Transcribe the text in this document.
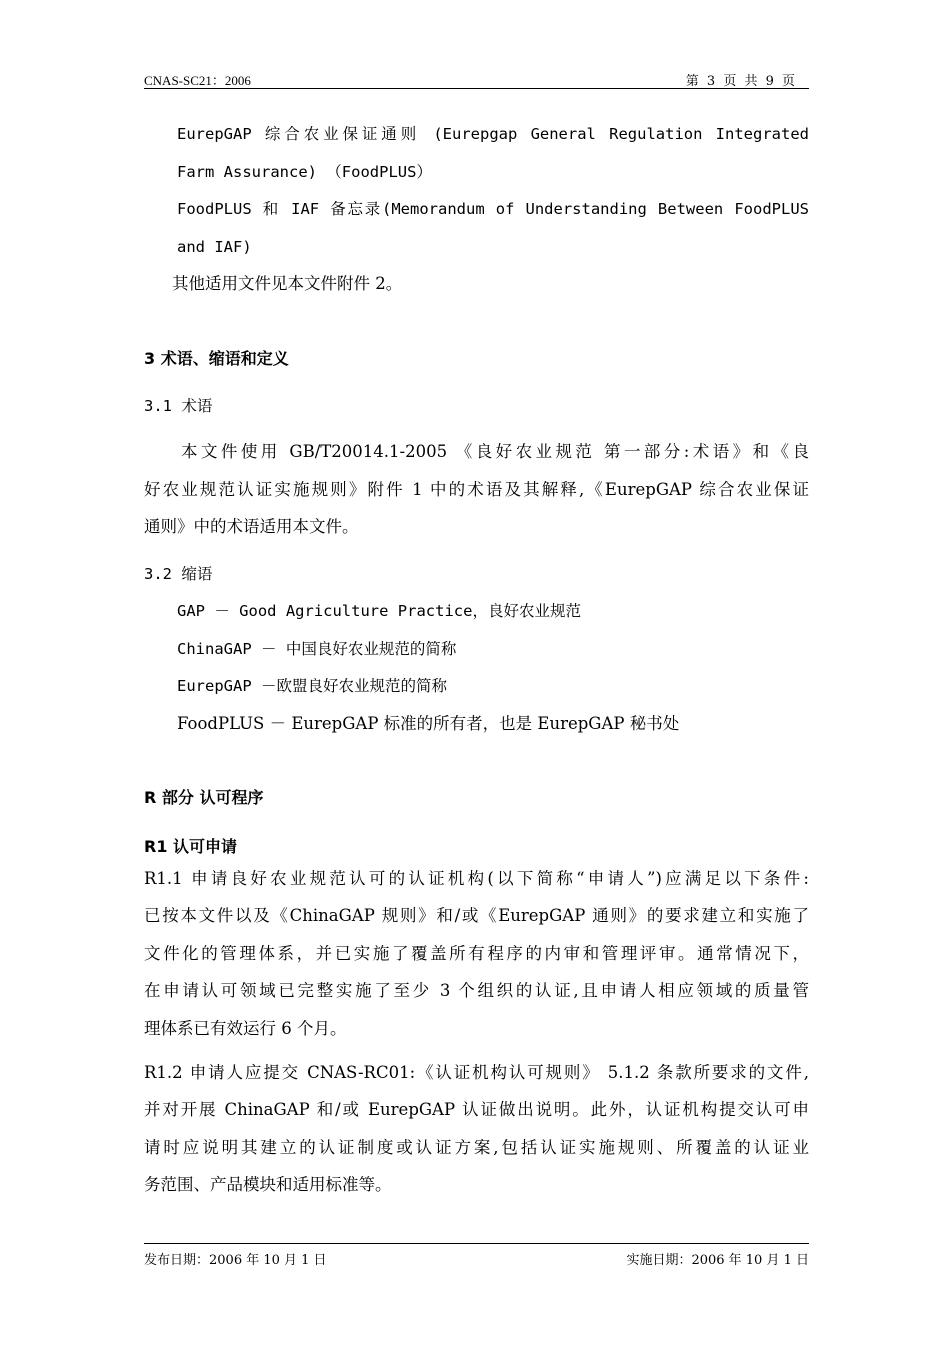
CNAS-SC21：2006	第 3 页 共 9 页
EurepGAP 综合农业保证通则 (Eurepgap General Regulation Integrated
Farm Assurance) （FoodPLUS）
FoodPLUS 和 IAF 备忘录(Memorandum of Understanding Between FoodPLUS
and IAF)
其他适用文件见本文件附件 2。
3 术语、缩语和定义
3.1 术语
本文件使用 GB/T20014.1-2005 《良好农业规范 第一部分:术语》和《良
好农业规范认证实施规则》附件 1 中的术语及其解释,《EurepGAP 综合农业保证
通则》中的术语适用本文件。
3.2 缩语
GAP － Good Agriculture Practice，良好农业规范
ChinaGAP － 中国良好农业规范的简称
EurepGAP －欧盟良好农业规范的简称
FoodPLUS － EurepGAP 标准的所有者，也是 EurepGAP 秘书处
R 部分 认可程序
R1 认可申请
R1.1 申请良好农业规范认可的认证机构(以下简称“申请人”)应满足以下条件:
已按本文件以及《ChinaGAP 规则》和/或《EurepGAP 通则》的要求建立和实施了
文件化的管理体系，并已实施了覆盖所有程序的内审和管理评审。通常情况下，
在申请认可领域已完整实施了至少 3 个组织的认证,且申请人相应领域的质量管
理体系已有效运行 6 个月。
R1.2 申请人应提交 CNAS-RC01:《认证机构认可规则》 5.1.2 条款所要求的文件,
并对开展 ChinaGAP 和/或 EurepGAP 认证做出说明。此外，认证机构提交认可申
请时应说明其建立的认证制度或认证方案,包括认证实施规则、所覆盖的认证业
务范围、产品模块和适用标准等。
发布日期：2006 年 10 月 1 日	实施日期：2006 年 10 月 1 日
